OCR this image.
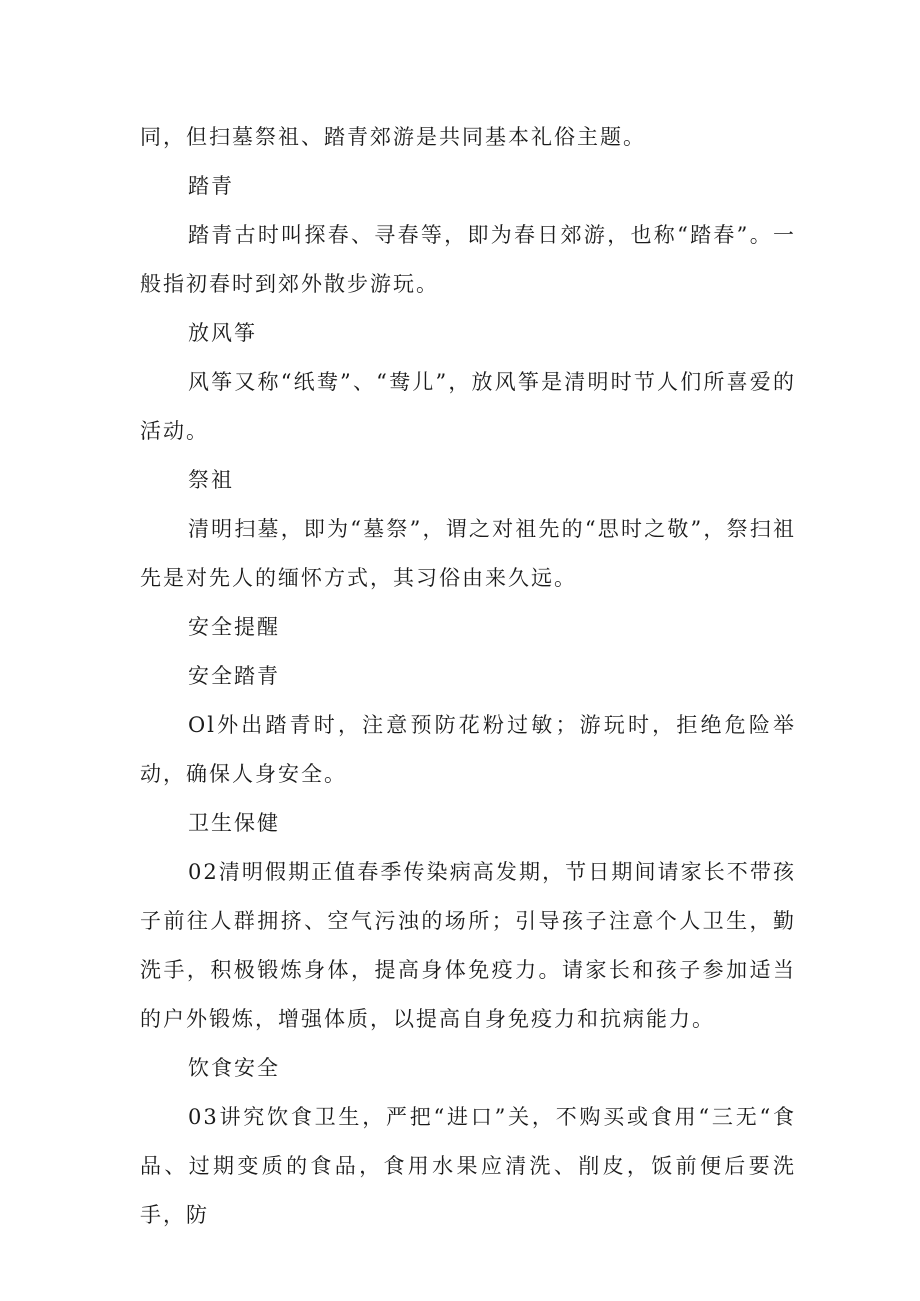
同，但扫墓祭祖、踏青郊游是共同基本礼俗主题。

踏青

踏青古时叫探春、寻春等，即为春日郊游，也称“踏春”。一般指初春时到郊外散步游玩。

放风筝

风筝又称“纸鸯”、“鸯儿”，放风筝是清明时节人们所喜爱的活动。

祭祖

清明扫墓，即为“墓祭”，谓之对祖先的“思时之敬”，祭扫祖先是对先人的缅怀方式，其习俗由来久远。

安全提醒

安全踏青

Ol外出踏青时，注意预防花粉过敏；游玩时，拒绝危险举动，确保人身安全。

卫生保健

02清明假期正值春季传染病高发期，节日期间请家长不带孩子前往人群拥挤、空气污浊的场所；引导孩子注意个人卫生，勤洗手，积极锻炼身体，提高身体免疫力。请家长和孩子参加适当的户外锻炼，增强体质，以提高自身免疫力和抗病能力。

饮食安全

03讲究饮食卫生，严把“进口”关，不购买或食用“三无“食品、过期变质的食品，食用水果应清洗、削皮，饭前便后要洗手，防
